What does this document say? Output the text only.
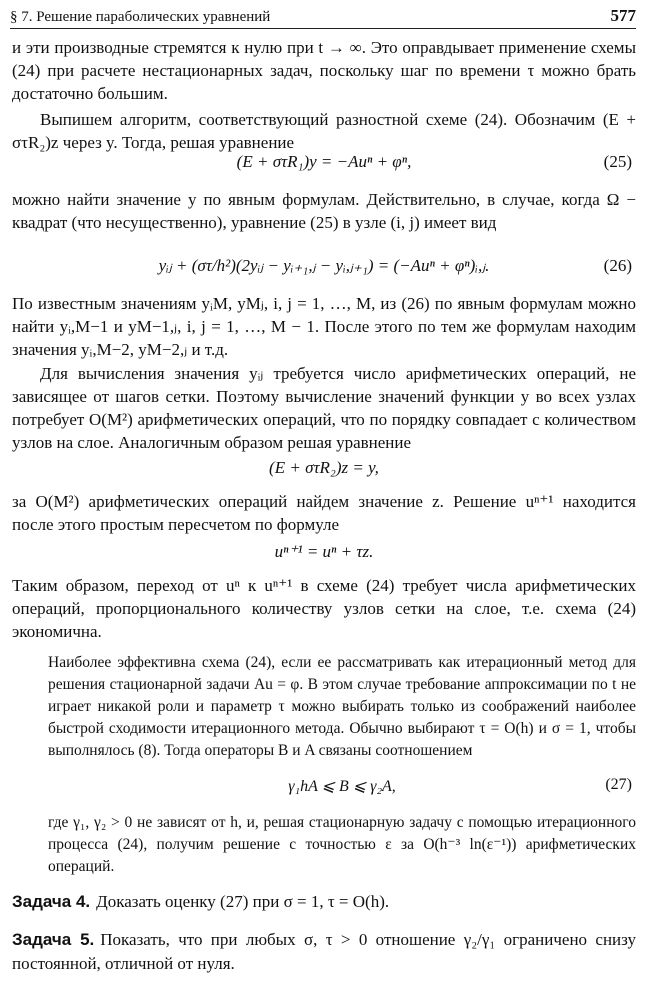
§ 7. Решение параболических уравнений	577

и эти производные стремятся к нулю при t → ∞. Это оправдывает применение схемы (24) при расчете нестационарных задач, поскольку шаг по времени τ можно брать достаточно большим.

Выпишем алгоритм, соответствующий разностной схеме (24). Обозначим (E + στR₂)z через y. Тогда, решая уравнение

(E + στR₁)y = −Auⁿ + φⁿ,	(25)

можно найти значение y по явным формулам. Действительно, в случае, когда Ω − квадрат (что несущественно), уравнение (25) в узле (i, j) имеет вид

yᵢⱼ + (στ/h²)(2yᵢⱼ − yᵢ₊₁,ⱼ − yᵢ,ⱼ₊₁) = (−Auⁿ + φⁿ)ᵢ,ⱼ.	(26)

По известным значениям yᵢM, yMⱼ, i, j = 1, …, M, из (26) по явным формулам можно найти yᵢ,M−1 и yM−1,ⱼ, i, j = 1, …, M − 1. После этого по тем же формулам находим значения yᵢ,M−2, yM−2,ⱼ и т.д.

Для вычисления значения yᵢⱼ требуется число арифметических операций, не зависящее от шагов сетки. Поэтому вычисление значений функции y во всех узлах потребует O(M²) арифметических операций, что по порядку совпадает с количеством узлов на слое. Аналогичным образом решая уравнение

(E + στR₂)z = y,

за O(M²) арифметических операций найдем значение z. Решение uⁿ⁺¹ находится после этого простым пересчетом по формуле

uⁿ⁺¹ = uⁿ + τz.

Таким образом, переход от uⁿ к uⁿ⁺¹ в схеме (24) требует числа арифметических операций, пропорционального количеству узлов сетки на слое, т.е. схема (24) экономична.

Наиболее эффективна схема (24), если ее рассматривать как итерационный метод для решения стационарной задачи Au = φ. В этом случае требование аппроксимации по t не играет никакой роли и параметр τ можно выбирать только из соображений наиболее быстрой сходимости итерационного метода. Обычно выбирают τ = O(h) и σ = 1, чтобы выполнялось (8). Тогда операторы B и A связаны соотношением

γ₁hA ⩽ B ⩽ γ₂A,	(27)

где γ₁, γ₂ > 0 не зависят от h, и, решая стационарную задачу с помощью итерационного процесса (24), получим решение с точностью ε за O(h⁻³ ln(ε⁻¹)) арифметических операций.

Задача 4. Доказать оценку (27) при σ = 1, τ = O(h).

Задача 5. Показать, что при любых σ, τ > 0 отношение γ₂/γ₁ ограничено снизу постоянной, отличной от нуля.
